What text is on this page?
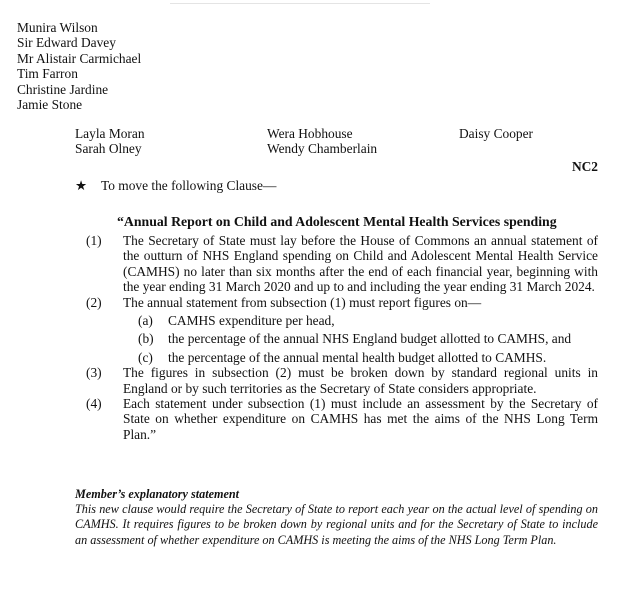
Munira Wilson
Sir Edward Davey
Mr Alistair Carmichael
Tim Farron
Christine Jardine
Jamie Stone
Layla Moran
Sarah Olney
Wera Hobhouse
Wendy Chamberlain
Daisy Cooper
NC2
★ To move the following Clause—
“Annual Report on Child and Adolescent Mental Health Services spending
(1) The Secretary of State must lay before the House of Commons an annual statement of the outturn of NHS England spending on Child and Adolescent Mental Health Service (CAMHS) no later than six months after the end of each financial year, beginning with the year ending 31 March 2020 and up to and including the year ending 31 March 2024.
(2) The annual statement from subsection (1) must report figures on—
(a) CAMHS expenditure per head,
(b) the percentage of the annual NHS England budget allotted to CAMHS, and
(c) the percentage of the annual mental health budget allotted to CAMHS.
(3) The figures in subsection (2) must be broken down by standard regional units in England or by such territories as the Secretary of State considers appropriate.
(4) Each statement under subsection (1) must include an assessment by the Secretary of State on whether expenditure on CAMHS has met the aims of the NHS Long Term Plan.”
Member’s explanatory statement
This new clause would require the Secretary of State to report each year on the actual level of spending on CAMHS. It requires figures to be broken down by regional units and for the Secretary of State to include an assessment of whether expenditure on CAMHS is meeting the aims of the NHS Long Term Plan.
